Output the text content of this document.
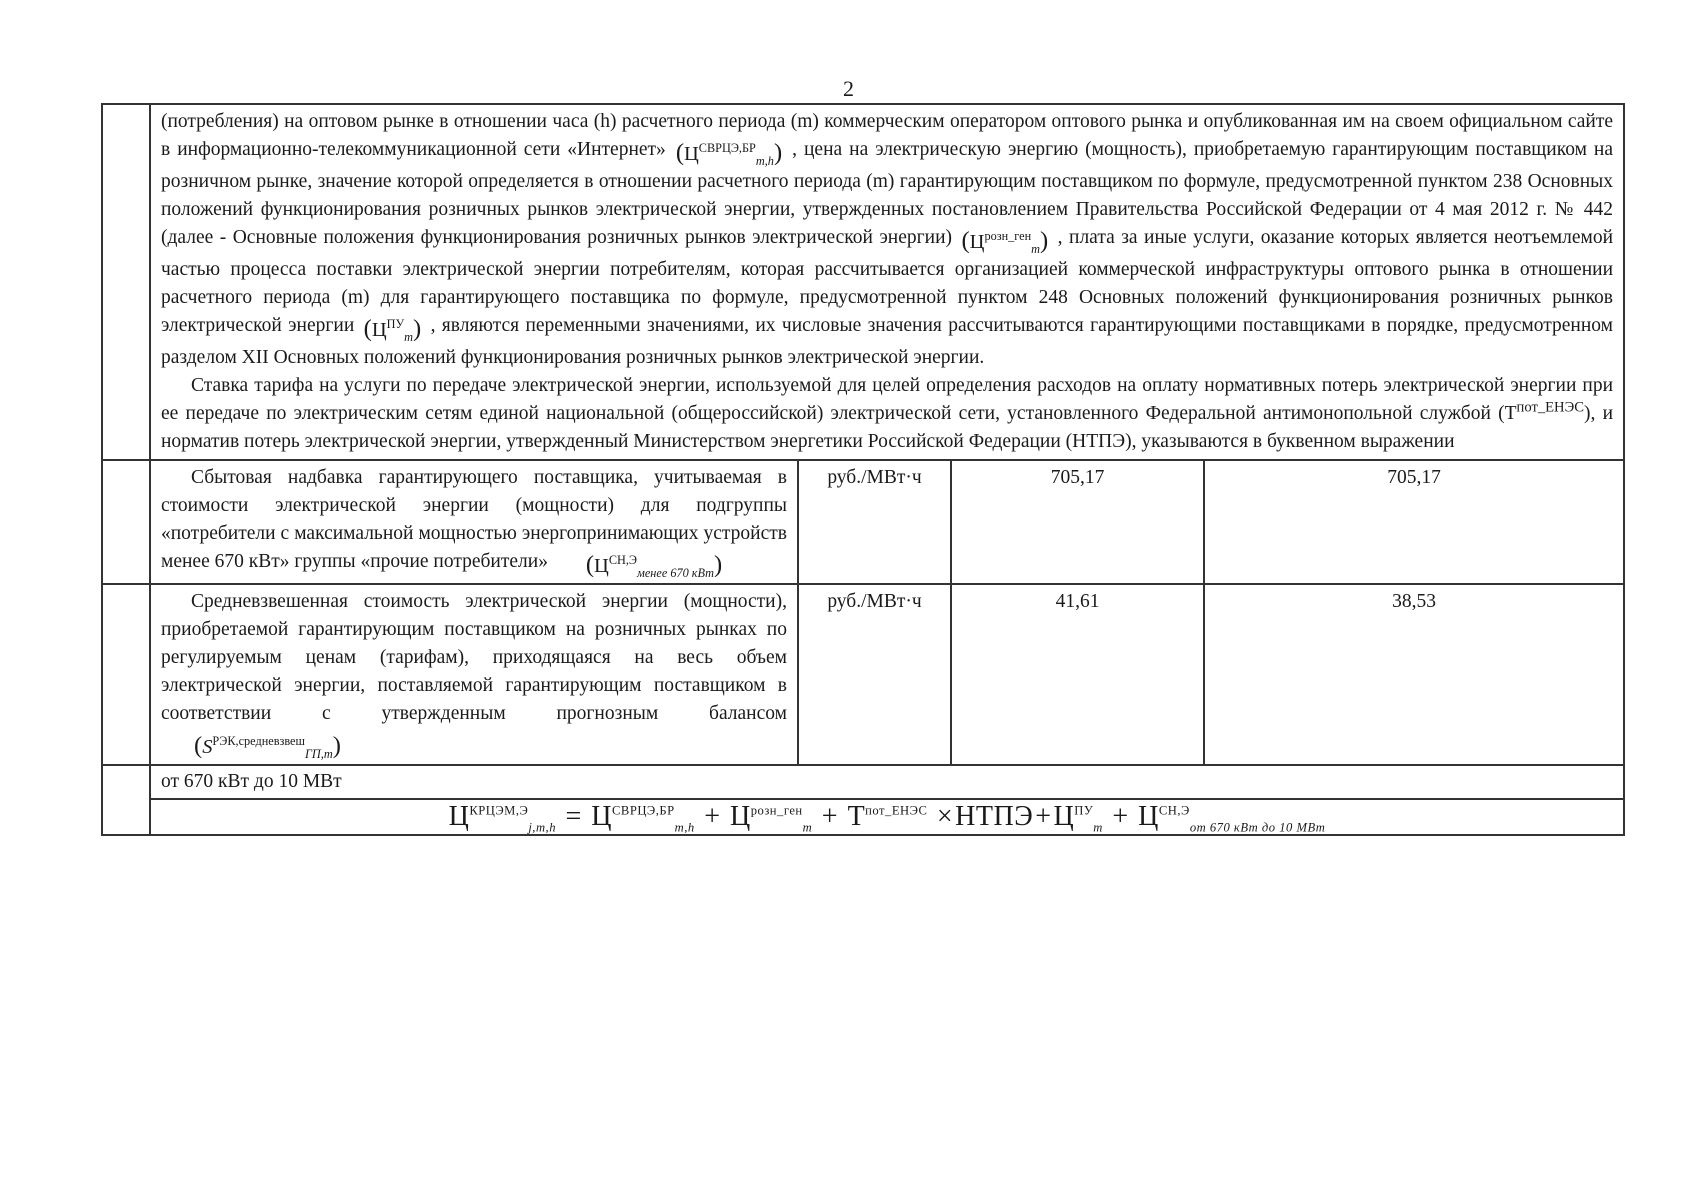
2

	(потребления) на оптовом рынке в отношении часа (h) расчетного периода (m) коммерческим оператором оптового рынка и опубликованная им на своем официальном сайте в информационно-телекоммуникационной сети «Интернет» $(Ц^{СВРЦЭ,БР}_{m,h})$ , цена на электрическую энергию (мощность), приобретаемую гарантирующим поставщиком на розничном рынке, значение которой определяется в отношении расчетного периода (m) гарантирующим поставщиком по формуле, предусмотренной пунктом 238 Основных положений функционирования розничных рынков электрической энергии, утвержденных постановлением Правительства Российской Федерации от 4 мая 2012 г. № 442 (далее - Основные положения функционирования розничных рынков электрической энергии) $(Ц^{розн\_ген}_m)$ , плата за иные услуги, оказание которых является неотъемлемой частью процесса поставки электрической энергии потребителям, которая рассчитывается организацией коммерческой инфраструктуры оптового рынка в отношении расчетного периода (m) для гарантирующего поставщика по формуле, предусмотренной пунктом 248 Основных положений функционирования розничных рынков электрической энергии $(Ц^{ПУ}_m)$ , являются переменными значениями, их числовые значения рассчитываются гарантирующими поставщиками в порядке, предусмотренном разделом XII Основных положений функционирования розничных рынков электрической энергии.

Ставка тарифа на услуги по передаче электрической энергии, используемой для целей определения расходов на оплату нормативных потерь электрической энергии при ее передаче по электрическим сетям единой национальной (общероссийской) электрической сети, установленного Федеральной антимонопольной службой $(Т^{пот\_ЕНЭС})$, и норматив потерь электрической энергии, утвержденный Министерством энергетики Российской Федерации (НТПЭ), указываются в буквенном выражении			

	Сбытовая надбавка гарантирующего поставщика, учитываемая в стоимости электрической энергии (мощности) для подгруппы «потребители с максимальной мощностью энергопринимающих устройств менее 670 кВт» группы «прочие потребители» $(Ц^{СН,Э}_{менее 670 кВт})$	руб./МВт·ч	705,17	705,17
	Средневзвешенная стоимость электрической энергии (мощности), приобретаемой гарантирующим поставщиком на розничных рынках по регулируемым ценам (тарифам), приходящаяся на весь объем электрической энергии, поставляемой гарантирующим поставщиком в соответствии с утвержденным прогнозным балансом $(S^{РЭК,средневзвеш}_{ГП,m})$	руб./МВт·ч	41,61	38,53
	от 670 кВт до 10 МВт			
	$Ц^{КРЦЭМ,Э}_{j,m,h} = Ц^{СВРЦЭ,БР}_{m,h} + Ц^{розн\_ген}_m + Т^{пот\_ЕНЭС}$ $\times НТПЭ+Ц^{ПУ}_m + Ц^{СН,Э}_{от 670 кВт до 10 МВт}$
